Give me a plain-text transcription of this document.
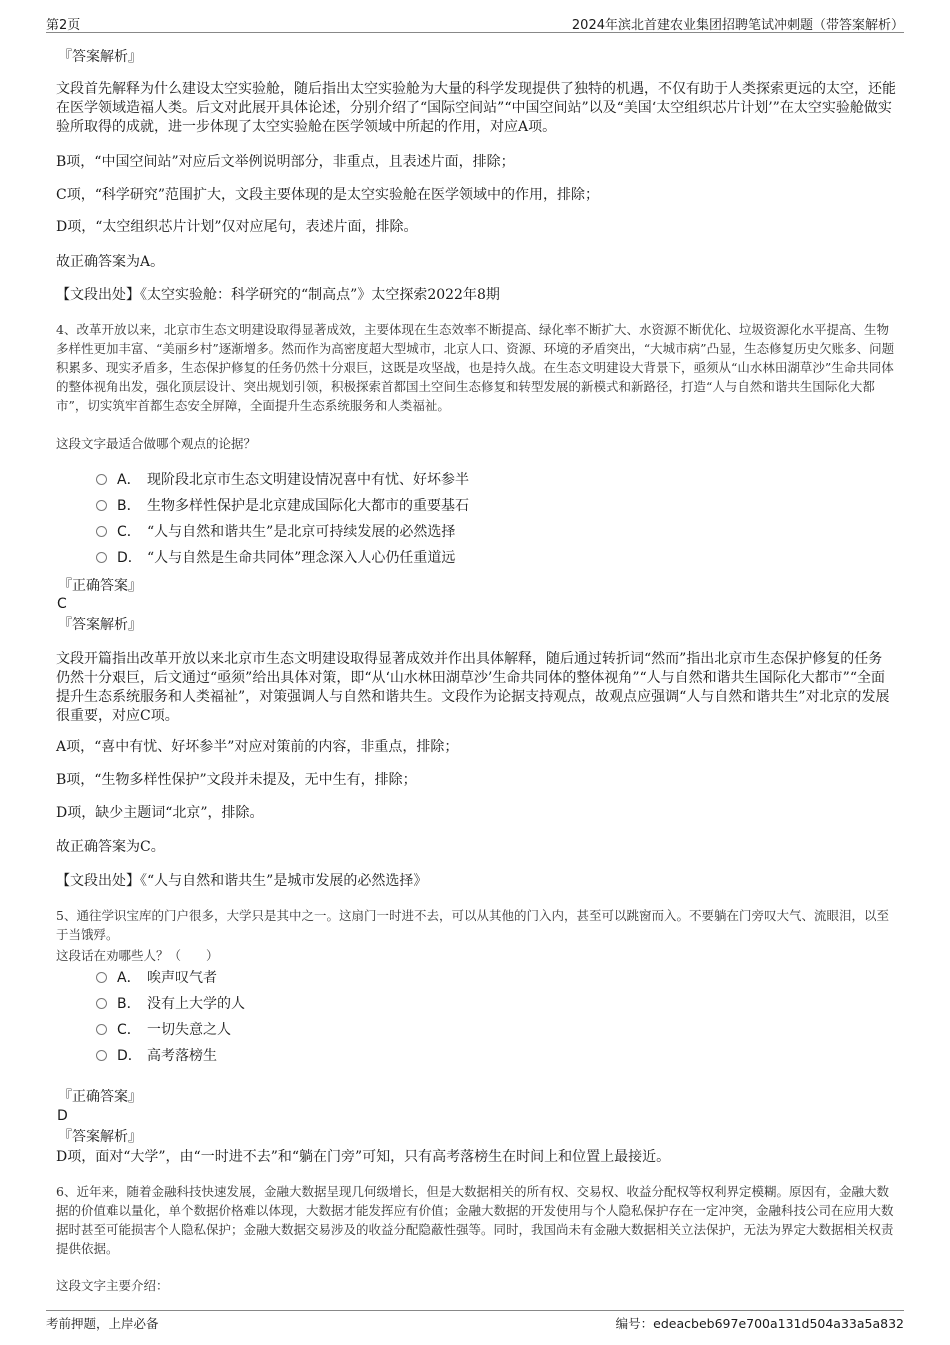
第2页	2024年滨北首建农业集团招聘笔试冲刺题（带答案解析）

『答案解析』

文段首先解释为什么建设太空实验舱，随后指出太空实验舱为大量的科学发现提供了独特的机遇，不仅有助于人类探索更远的太空，还能在医学领域造福人类。后文对此展开具体论述，分别介绍了“国际空间站”“中国空间站”以及“美国‘太空组织芯片计划’”在太空实验舱做实验所取得的成就，进一步体现了太空实验舱在医学领域中所起的作用，对应A项。

B项，“中国空间站”对应后文举例说明部分，非重点，且表述片面，排除；

C项，“科学研究”范围扩大，文段主要体现的是太空实验舱在医学领域中的作用，排除；

D项，“太空组织芯片计划”仅对应尾句，表述片面，排除。

故正确答案为A。

【文段出处】《太空实验舱：科学研究的“制高点”》太空探索2022年8期

4、改革开放以来，北京市生态文明建设取得显著成效，主要体现在生态效率不断提高、绿化率不断扩大、水资源不断优化、垃圾资源化水平提高、生物多样性更加丰富、“美丽乡村”逐渐增多。然而作为高密度超大型城市，北京人口、资源、环境的矛盾突出，“大城市病”凸显，生态修复历史欠账多、问题积累多、现实矛盾多，生态保护修复的任务仍然十分艰巨，这既是攻坚战，也是持久战。在生态文明建设大背景下，亟须从“山水林田湖草沙”生命共同体的整体视角出发，强化顶层设计、突出规划引领，积极探索首都国土空间生态修复和转型发展的新模式和新路径，打造“人与自然和谐共生国际化大都市”，切实筑牢首都生态安全屏障，全面提升生态系统服务和人类福祉。

这段文字最适合做哪个观点的论据？

A． 现阶段北京市生态文明建设情况喜中有忧、好坏参半
B． 生物多样性保护是北京建成国际化大都市的重要基石
C． “人与自然和谐共生”是北京可持续发展的必然选择
D． “人与自然是生命共同体”理念深入人心仍任重道远

『正确答案』

C

『答案解析』

文段开篇指出改革开放以来北京市生态文明建设取得显著成效并作出具体解释，随后通过转折词“然而”指出北京市生态保护修复的任务仍然十分艰巨，后文通过“亟须”给出具体对策，即“从‘山水林田湖草沙’生命共同体的整体视角”“人与自然和谐共生国际化大都市”“全面提升生态系统服务和人类福祉”，对策强调人与自然和谐共生。文段作为论据支持观点，故观点应强调“人与自然和谐共生”对北京的发展很重要，对应C项。

A项，“喜中有忧、好坏参半”对应对策前的内容，非重点，排除；

B项，“生物多样性保护”文段并未提及，无中生有，排除；

D项，缺少主题词“北京”，排除。

故正确答案为C。

【文段出处】《“人与自然和谐共生”是城市发展的必然选择》

5、通往学识宝库的门户很多，大学只是其中之一。这扇门一时进不去，可以从其他的门入内，甚至可以跳窗而入。不要躺在门旁叹大气、流眼泪，以至于当饿殍。

这段话在劝哪些人？（　　）

A． 唉声叹气者
B． 没有上大学的人
C． 一切失意之人
D． 高考落榜生

『正确答案』

D

『答案解析』

D项，面对“大学”，由“一时进不去”和“躺在门旁”可知，只有高考落榜生在时间上和位置上最接近。

6、近年来，随着金融科技快速发展，金融大数据呈现几何级增长，但是大数据相关的所有权、交易权、收益分配权等权利界定模糊。原因有，金融大数据的价值难以量化，单个数据价格难以体现，大数据才能发挥应有价值；金融大数据的开发使用与个人隐私保护存在一定冲突，金融科技公司在应用大数据时甚至可能损害个人隐私保护；金融大数据交易涉及的收益分配隐蔽性强等。同时，我国尚未有金融大数据相关立法保护，无法为界定大数据相关权责提供依据。

这段文字主要介绍：

考前押题，上岸必备	编号：edeacbeb697e700a131d504a33a5a832
